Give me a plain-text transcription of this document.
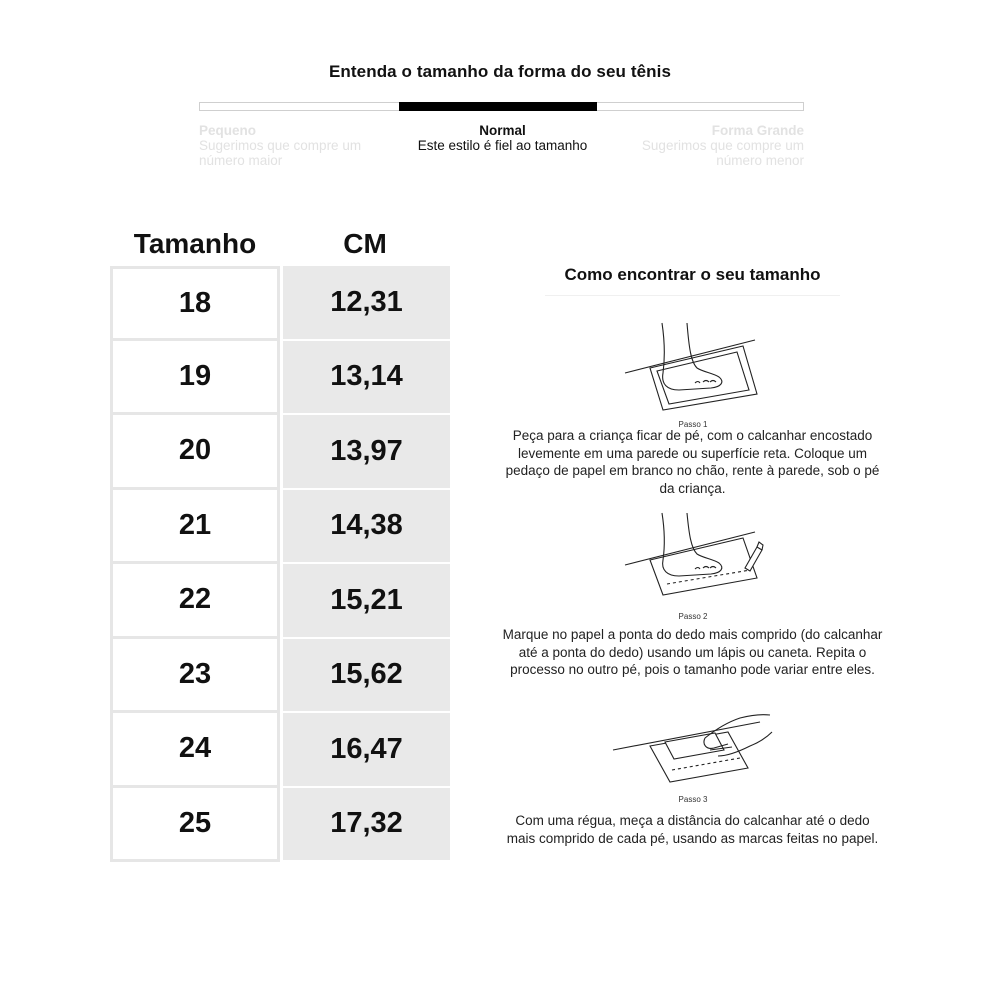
Entenda o tamanho da forma do seu tênis
Pequeno
Sugerimos que compre um número maior
Normal
Este estilo é fiel ao tamanho
Forma Grande
Sugerimos que compre um número menor
Tamanho	CM
18
19
20
21
22
23
24
25
12,31
13,14
13,97
14,38
15,21
15,62
16,47
17,32
Como encontrar o seu tamanho
Passo 1
Peça para a criança ficar de pé, com o calcanhar encostado levemente em uma parede ou superfície reta. Coloque um pedaço de papel em branco no chão, rente à parede, sob o pé da criança.
Passo 2
Marque no papel a ponta do dedo mais comprido (do calcanhar até a ponta do dedo) usando um lápis ou caneta. Repita o processo no outro pé, pois o tamanho pode variar entre eles.
Passo 3
Com uma régua, meça a distância do calcanhar até o dedo mais comprido de cada pé, usando as marcas feitas no papel.
